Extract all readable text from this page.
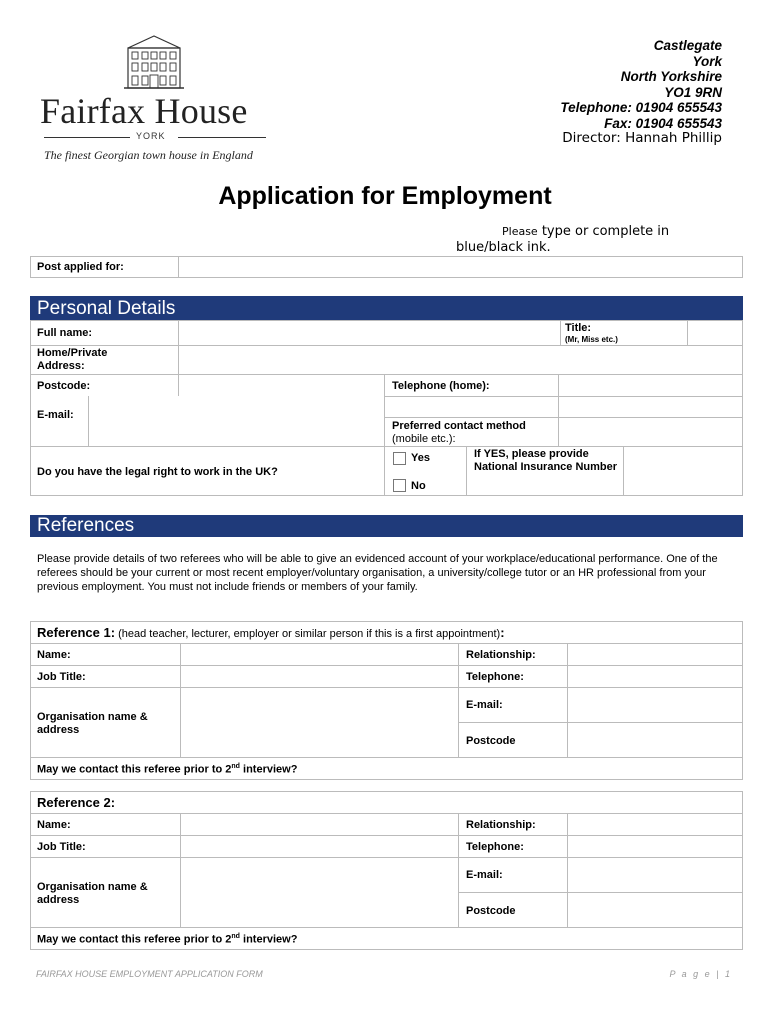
Fairfax House
YORK
The finest Georgian town house in England
Castlegate
York
North Yorkshire
YO1 9RN
Telephone: 01904 655543
Fax: 01904 655543
Director: Hannah Phillip
Application for Employment
Please type or complete in
blue/black ink.
Post applied for:
Personal Details
Full name:	Title:
(Mr, Miss etc.)
Home/Private Address:
Postcode:	Telephone (home):
E-mail:
Preferred contact method
(mobile etc.):
Do you have the legal right to work in the UK?
Yes
No
If YES, please provide National Insurance Number
References
Please provide details of two referees who will be able to give an evidenced account of your workplace/educational performance. One of the referees should be your current or most recent employer/voluntary organisation, a university/college tutor or an HR professional from your previous employment. You must not include friends or members of your family.
Reference 1: (head teacher, lecturer, employer or similar person if this is a first appointment):
Name:	Relationship:
Job Title:	Telephone:
Organisation name & address
E-mail:
Postcode
May we contact this referee prior to 2nd interview?
Reference 2:
Name:	Relationship:
Job Title:	Telephone:
Organisation name & address
E-mail:
Postcode
May we contact this referee prior to 2nd interview?
FAIRFAX HOUSE EMPLOYMENT APPLICATION FORM	P a g e | 1
